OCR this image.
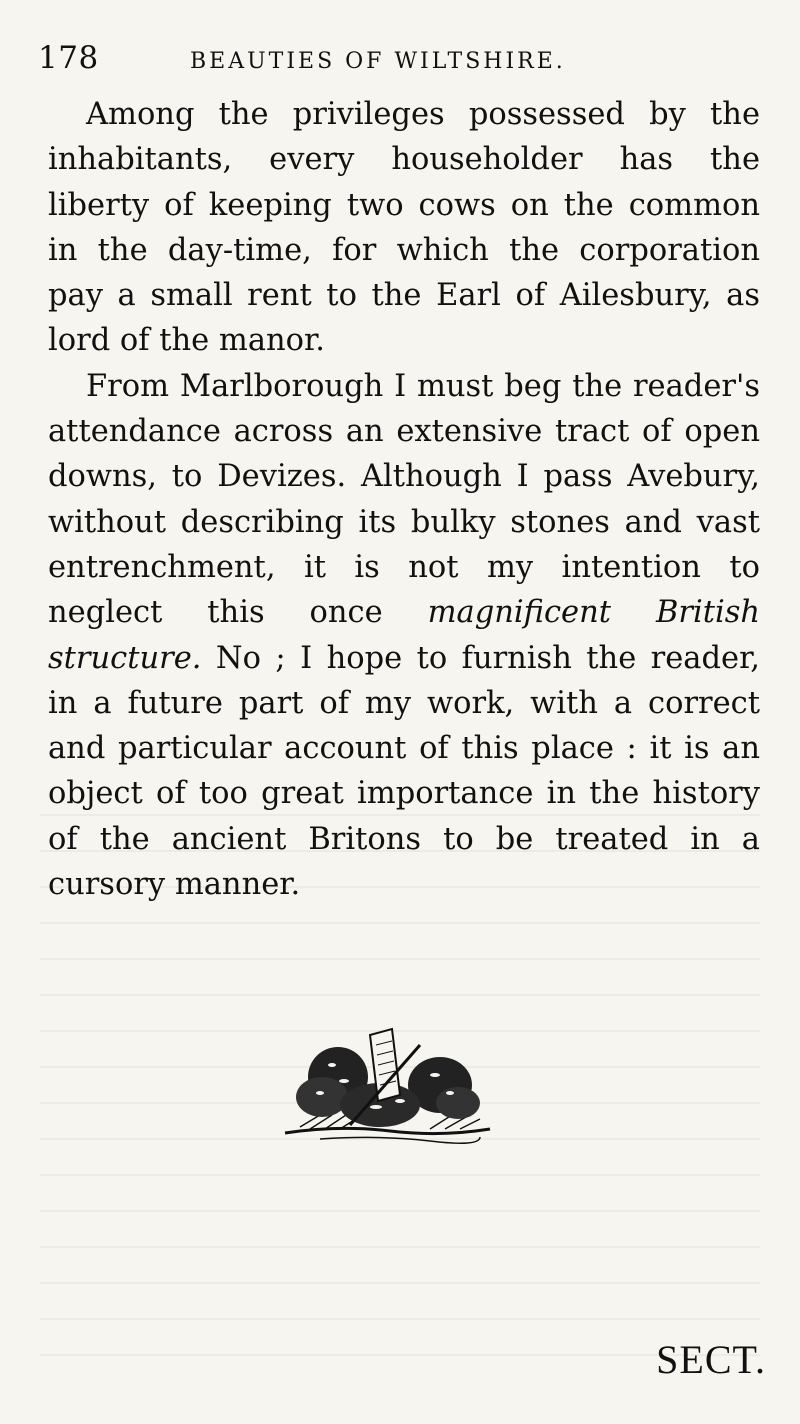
178	BEAUTIES OF WILTSHIRE.

Among the privileges possessed by the inhabitants, every householder has the liberty of keeping two cows on the common in the day-time, for which the corporation pay a small rent to the Earl of Ailesbury, as lord of the manor.

From Marlborough I must beg the reader's attendance across an extensive tract of open downs, to Devizes. Although I pass Avebury, without describing its bulky stones and vast entrenchment, it is not my intention to neglect this once magnificent British structure. No ; I hope to furnish the reader, in a future part of my work, with a correct and particular account of this place : it is an object of too great importance in the history of the ancient Britons to be treated in a cursory manner.

SECT.
